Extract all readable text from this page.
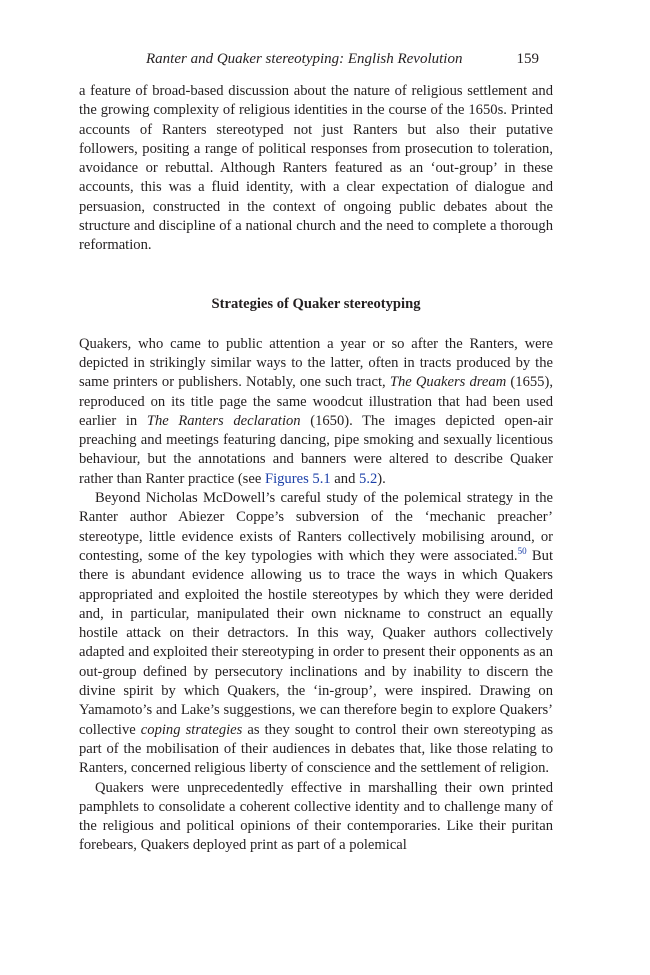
Ranter and Quaker stereotyping: English Revolution	159

a feature of broad-based discussion about the nature of religious settlement and the growing complexity of religious identities in the course of the 1650s. Printed accounts of Ranters stereotyped not just Ranters but also their putative followers, positing a range of political responses from prosecution to toleration, avoidance or rebuttal. Although Ranters featured as an ‘out-group’ in these accounts, this was a fluid identity, with a clear expectation of dialogue and persuasion, constructed in the context of ongoing public debates about the structure and discipline of a national church and the need to complete a thorough reformation.

Strategies of Quaker stereotyping

Quakers, who came to public attention a year or so after the Ranters, were depicted in strikingly similar ways to the latter, often in tracts produced by the same printers or publishers. Notably, one such tract, The Quakers dream (1655), reproduced on its title page the same woodcut illustration that had been used earlier in The Ranters declaration (1650). The images depicted open-air preaching and meetings featuring dancing, pipe smoking and sexually licentious behaviour, but the annotations and banners were altered to describe Quaker rather than Ranter practice (see Figures 5.1 and 5.2).

Beyond Nicholas McDowell’s careful study of the polemical strategy in the Ranter author Abiezer Coppe’s subversion of the ‘mechanic preacher’ stereotype, little evidence exists of Ranters collectively mobilising around, or contesting, some of the key typologies with which they were associated.$^{50}$ But there is abundant evidence allowing us to trace the ways in which Quakers appropriated and exploited the hostile stereotypes by which they were derided and, in particular, manipulated their own nickname to construct an equally hostile attack on their detractors. In this way, Quaker authors collectively adapted and exploited their stereotyping in order to present their opponents as an out-group defined by persecutory inclinations and by inability to discern the divine spirit by which Quakers, the ‘in-group’, were inspired. Drawing on Yamamoto’s and Lake’s suggestions, we can therefore begin to explore Quakers’ collective coping strategies as they sought to control their own stereotyping as part of the mobilisation of their audiences in debates that, like those relating to Ranters, concerned religious liberty of conscience and the settlement of religion.

Quakers were unprecedentedly effective in marshalling their own printed pamphlets to consolidate a coherent collective identity and to challenge many of the religious and political opinions of their contemporaries. Like their puritan forebears, Quakers deployed print as part of a polemical
